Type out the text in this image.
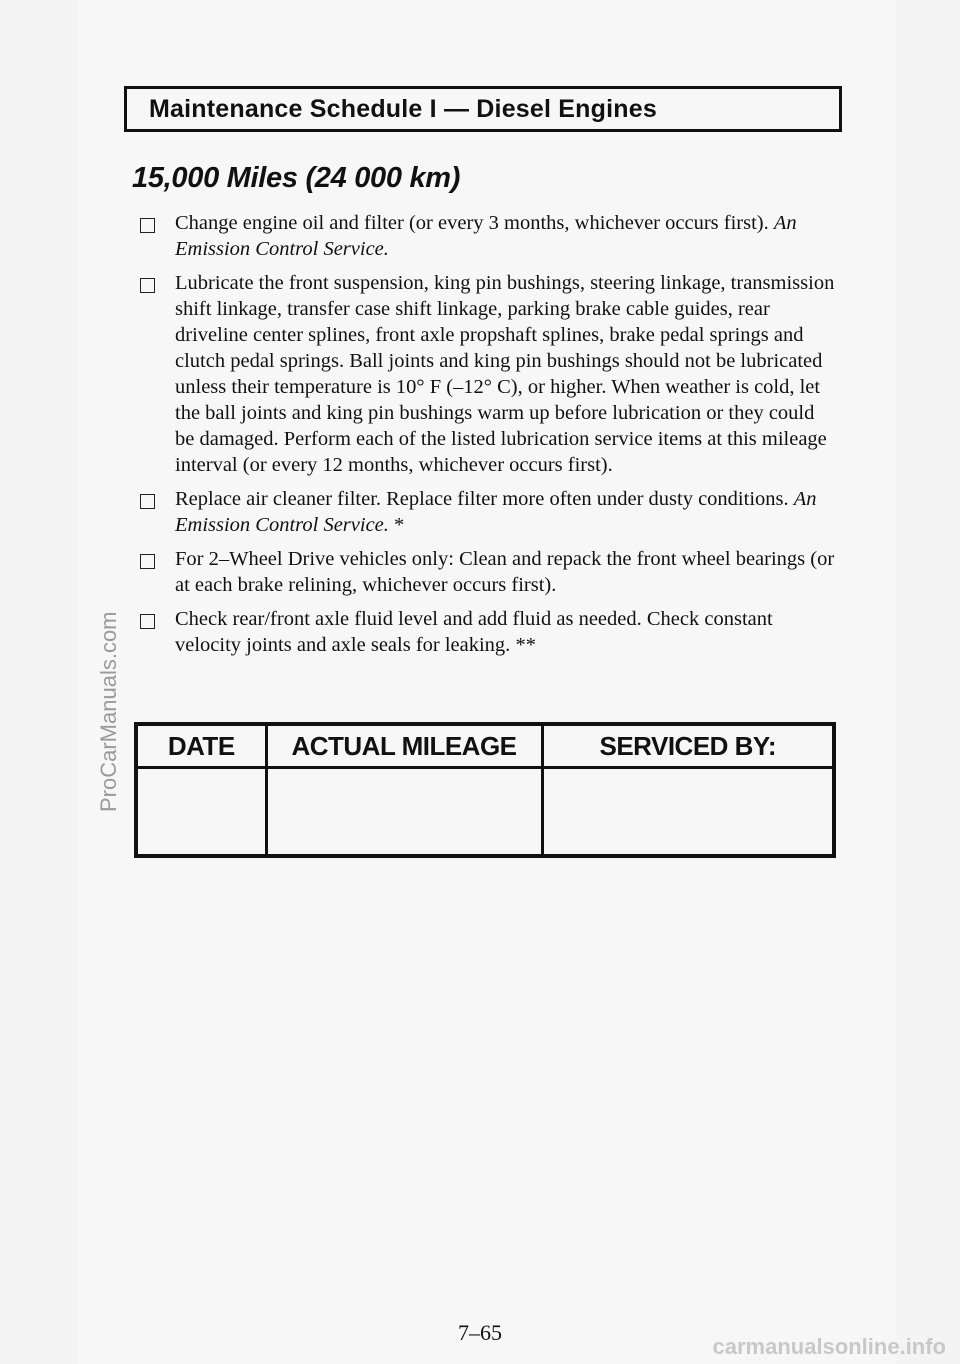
Maintenance Schedule I — Diesel Engines
15,000 Miles (24 000 km)
Change engine oil and filter (or every 3 months, whichever occurs first). An Emission Control Service.
Lubricate the front suspension, king pin bushings, steering linkage, transmission shift linkage, transfer case shift linkage, parking brake cable guides, rear driveline center splines, front axle propshaft splines, brake pedal springs and clutch pedal springs. Ball joints and king pin bushings should not be lubricated unless their temperature is 10° F (–12° C), or higher. When weather is cold, let the ball joints and king pin bushings warm up before lubrication or they could be damaged. Perform each of the listed lubrication service items at this mileage interval (or every 12 months, whichever occurs first).
Replace air cleaner filter. Replace filter more often under dusty conditions. An Emission Control Service. *
For 2–Wheel Drive vehicles only: Clean and repack the front wheel bearings (or at each brake relining, whichever occurs first).
Check rear/front axle fluid level and add fluid as needed. Check constant velocity joints and axle seals for leaking. **
DATE	ACTUAL MILEAGE	SERVICED BY:

ProCarManuals.com
7–65
carmanualsonline.info
